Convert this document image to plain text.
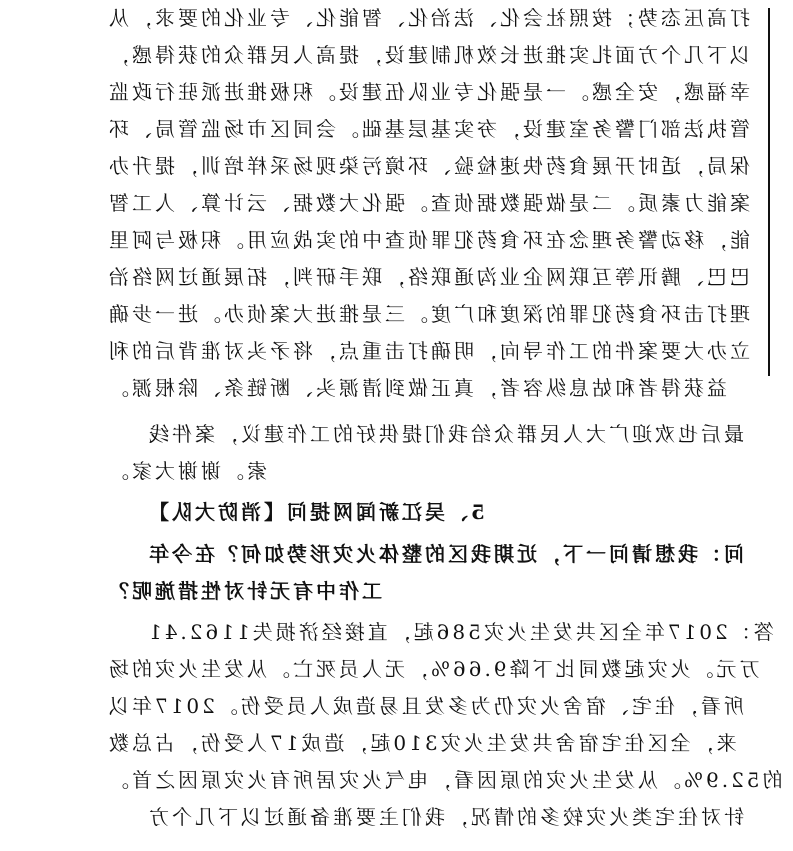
打高压态势；按照社会化、法治化、智能化、专业化的要求，从
以下几个方面扎实推进长效机制建设，提高人民群众的获得感，
幸福感，安全感。一是强化专业队伍建设。积极推进派驻行政监
管执法部门警务室建设，夯实基层基础。会同区市场监管局、环
保局，适时开展食药快速检验、环境污染现场采样培训，提升办
案能力素质。二是做强数据侦查。强化大数据、云计算、人工智
能，移动警务理念在环食药犯罪侦查中的实战应用。积极与阿里
巴巴、腾讯等互联网企业沟通联络，联手研判，拓展通过网络治
理打击环食药犯罪的深度和广度。三是推进大案侦办。进一步确
立办大要案件的工作导向，明确打击重点，将矛头对准背后的利
益获得者和姑息纵容者，真正做到清源头、断链条、除根源。
最后也欢迎广大人民群众给我们提供好的工作建议，案件线
索。谢谢大家。
5、吴江新闻网提问【消防大队】
问：我想请问一下，近期我区的整体火灾形势如何？在今年
工作中有无针对性措施呢？
答：2017年全区共发生火灾586起，直接经济损失1162.41
万元。火灾起数同比下降9.66%，无人员死亡。从发生火灾的场
所看，住宅、宿舍火灾仍为多发且易造成人员受伤。2017年以
来，全区住宅宿舍共发生火灾310起，造成17人受伤，占总数
的52.9%。从发生火灾的原因看，电气火灾居所有火灾原因之首。
针对住宅类火灾较多的情况，我们主要准备通过以下几个方
